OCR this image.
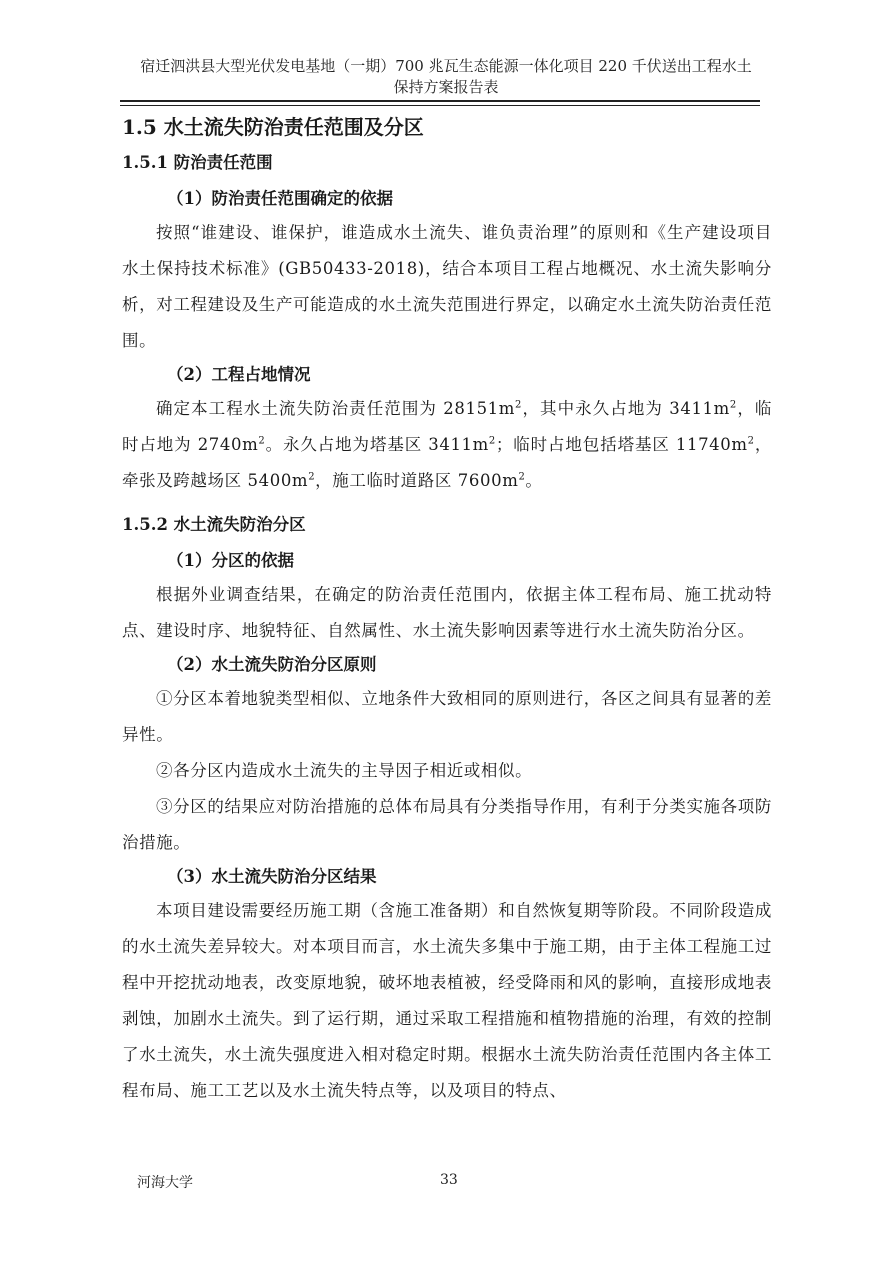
宿迁泗洪县大型光伏发电基地（一期）700 兆瓦生态能源一体化项目 220 千伏送出工程水土
保持方案报告表
1.5 水土流失防治责任范围及分区
1.5.1 防治责任范围
（1）防治责任范围确定的依据

按照“谁建设、谁保护，谁造成水土流失、谁负责治理”的原则和《生产建设项目水土保持技术标准》(GB50433-2018)，结合本项目工程占地概况、水土流失影响分析，对工程建设及生产可能造成的水土流失范围进行界定，以确定水土流失防治责任范围。

（2）工程占地情况

确定本工程水土流失防治责任范围为 $28151m^2$，其中永久占地为 $3411m^2$，临时占地为 $2740m^2$。永久占地为塔基区 $3411m^2$；临时占地包括塔基区 $11740m^2$，牵张及跨越场区 $5400m^2$，施工临时道路区 $7600m^2$。

1.5.2 水土流失防治分区
（1）分区的依据

根据外业调查结果，在确定的防治责任范围内，依据主体工程布局、施工扰动特点、建设时序、地貌特征、自然属性、水土流失影响因素等进行水土流失防治分区。

（2）水土流失防治分区原则

①分区本着地貌类型相似、立地条件大致相同的原则进行，各区之间具有显著的差异性。

②各分区内造成水土流失的主导因子相近或相似。

③分区的结果应对防治措施的总体布局具有分类指导作用，有利于分类实施各项防治措施。

（3）水土流失防治分区结果

本项目建设需要经历施工期（含施工准备期）和自然恢复期等阶段。不同阶段造成的水土流失差异较大。对本项目而言，水土流失多集中于施工期，由于主体工程施工过程中开挖扰动地表，改变原地貌，破坏地表植被，经受降雨和风的影响，直接形成地表剥蚀，加剧水土流失。到了运行期，通过采取工程措施和植物措施的治理，有效的控制了水土流失，水土流失强度进入相对稳定时期。根据水土流失防治责任范围内各主体工程布局、施工工艺以及水土流失特点等，以及项目的特点、

河海大学	33
